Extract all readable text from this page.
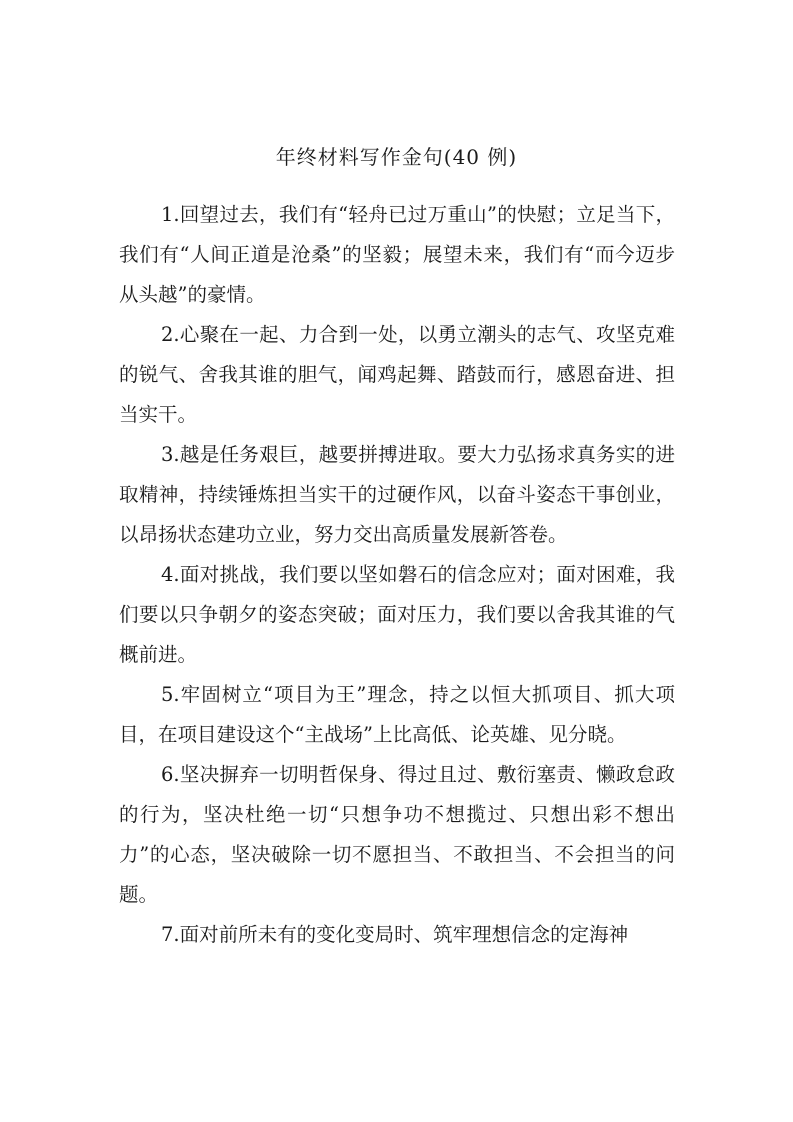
年终材料写作金句(40 例)

1.回望过去，我们有“轻舟已过万重山”的快慰；立足当下，我们有“人间正道是沧桑”的坚毅；展望未来，我们有“而今迈步从头越”的豪情。

2.心聚在一起、力合到一处，以勇立潮头的志气、攻坚克难的锐气、舍我其谁的胆气，闻鸡起舞、踏鼓而行，感恩奋进、担当实干。

3.越是任务艰巨，越要拼搏进取。要大力弘扬求真务实的进取精神，持续锤炼担当实干的过硬作风，以奋斗姿态干事创业，以昂扬状态建功立业，努力交出高质量发展新答卷。

4.面对挑战，我们要以坚如磐石的信念应对；面对困难，我们要以只争朝夕的姿态突破；面对压力，我们要以舍我其谁的气概前进。

5.牢固树立“项目为王”理念，持之以恒大抓项目、抓大项目，在项目建设这个“主战场”上比高低、论英雄、见分晓。

6.坚决摒弃一切明哲保身、得过且过、敷衍塞责、懒政怠政的行为，坚决杜绝一切“只想争功不想揽过、只想出彩不想出力”的心态，坚决破除一切不愿担当、不敢担当、不会担当的问题。

7.面对前所未有的变化变局时、筑牢理想信念的定海神
